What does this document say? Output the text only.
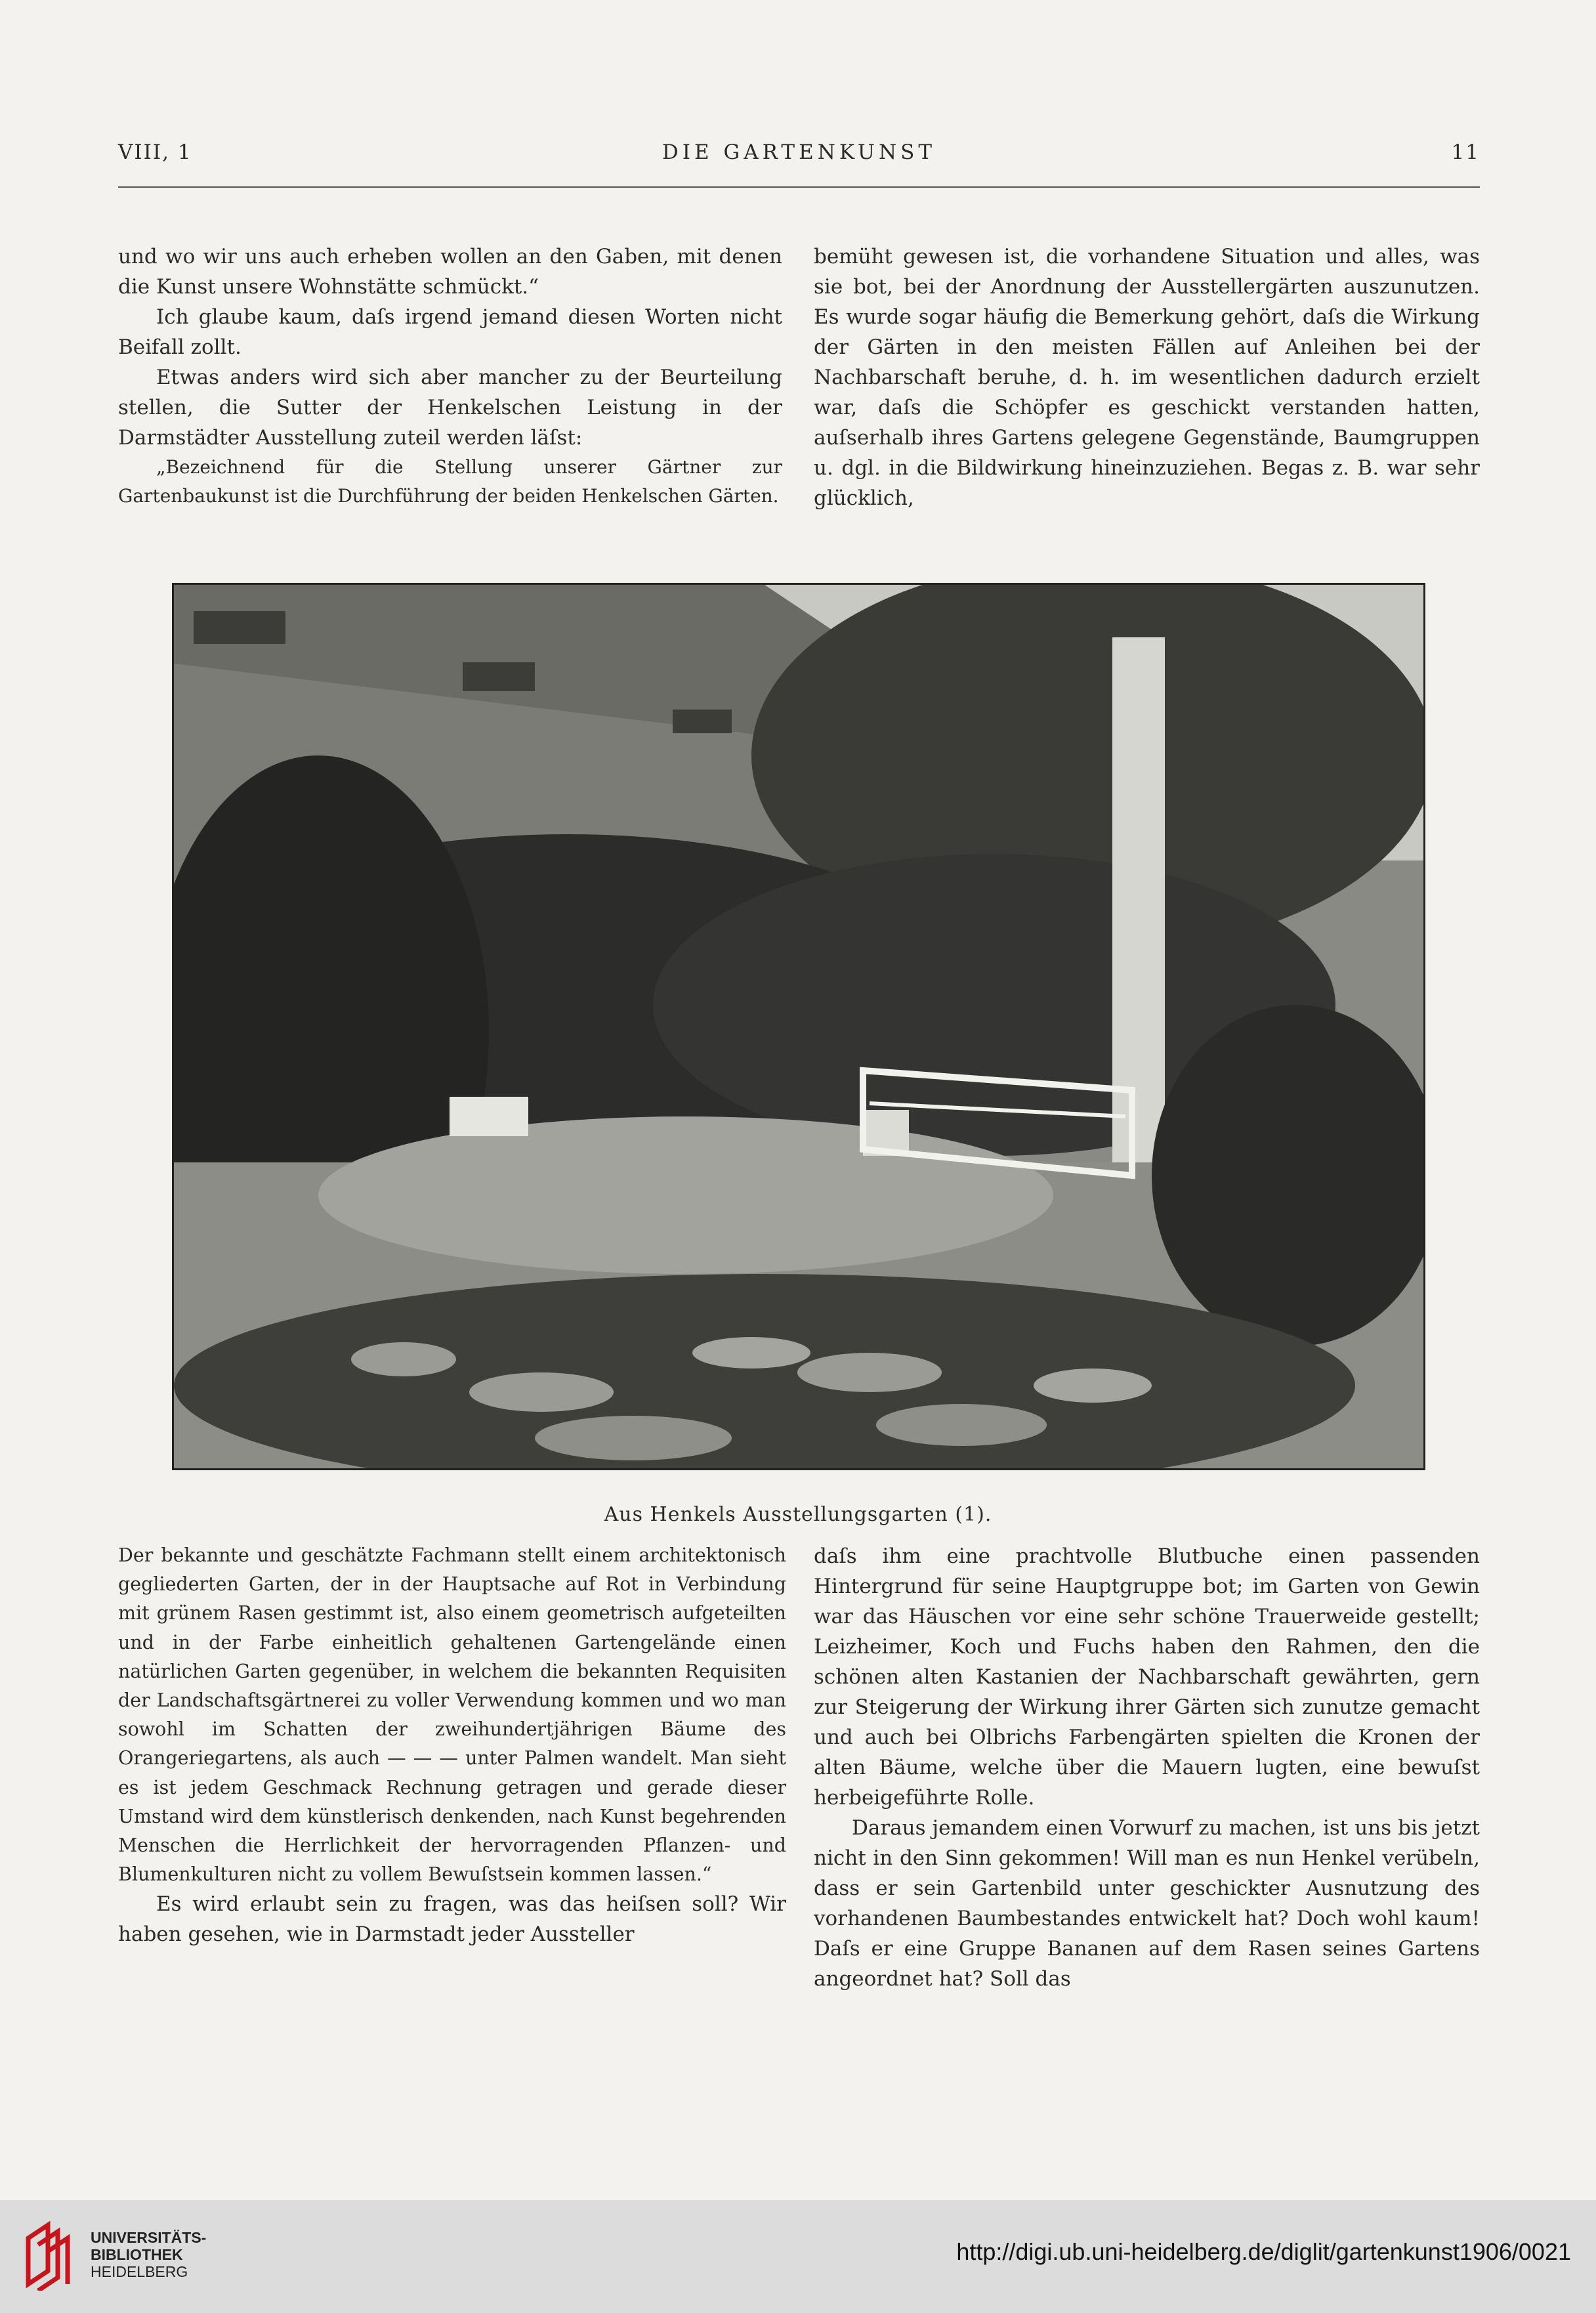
VIII, 1	DIE GARTENKUNST	11

und wo wir uns auch erheben wollen an den Gaben, mit denen die Kunst unsere Wohnstätte schmückt.“

Ich glaube kaum, daſs irgend jemand diesen Worten nicht Beifall zollt.

Etwas anders wird sich aber mancher zu der Beurteilung stellen, die Sutter der Henkelschen Leistung in der Darmstädter Ausstellung zuteil werden läſst:

„Bezeichnend für die Stellung unserer Gärtner zur Gartenbaukunst ist die Durchführung der beiden Henkelschen Gärten.

bemüht gewesen ist, die vorhandene Situation und alles, was sie bot, bei der Anordnung der Ausstellergärten auszunutzen. Es wurde sogar häufig die Bemerkung gehört, daſs die Wirkung der Gärten in den meisten Fällen auf Anleihen bei der Nachbarschaft beruhe, d. h. im wesentlichen dadurch erzielt war, daſs die Schöpfer es geschickt verstanden hatten, auſserhalb ihres Gartens gelegene Gegenstände, Baumgruppen u. dgl. in die Bildwirkung hineinzuziehen. Begas z. B. war sehr glücklich,

Aus Henkels Ausstellungsgarten (1).

Der bekannte und geschätzte Fachmann stellt einem architektonisch gegliederten Garten, der in der Hauptsache auf Rot in Verbindung mit grünem Rasen gestimmt ist, also einem geometrisch aufgeteilten und in der Farbe einheitlich gehaltenen Gartengelände einen natürlichen Garten gegenüber, in welchem die bekannten Requisiten der Landschaftsgärtnerei zu voller Verwendung kommen und wo man sowohl im Schatten der zweihundertjährigen Bäume des Orangeriegartens, als auch — — — unter Palmen wandelt. Man sieht es ist jedem Geschmack Rechnung getragen und gerade dieser Umstand wird dem künstlerisch denkenden, nach Kunst begehrenden Menschen die Herrlichkeit der hervorragenden Pflanzen- und Blumenkulturen nicht zu vollem Bewuſstsein kommen lassen.“

Es wird erlaubt sein zu fragen, was das heiſsen soll? Wir haben gesehen, wie in Darmstadt jeder Aussteller

daſs ihm eine prachtvolle Blutbuche einen passenden Hintergrund für seine Hauptgruppe bot; im Garten von Gewin war das Häuschen vor eine sehr schöne Trauerweide gestellt; Leizheimer, Koch und Fuchs haben den Rahmen, den die schönen alten Kastanien der Nachbarschaft gewährten, gern zur Steigerung der Wirkung ihrer Gärten sich zunutze gemacht und auch bei Olbrichs Farbengärten spielten die Kronen der alten Bäume, welche über die Mauern lugten, eine bewuſst herbeigeführte Rolle.

Daraus jemandem einen Vorwurf zu machen, ist uns bis jetzt nicht in den Sinn gekommen! Will man es nun Henkel verübeln, dass er sein Gartenbild unter geschickter Ausnutzung des vorhandenen Baumbestandes entwickelt hat? Doch wohl kaum! Daſs er eine Gruppe Bananen auf dem Rasen seines Gartens angeordnet hat? Soll das

UNIVERSITÄTS-
BIBLIOTHEK
HEIDELBERG
http://digi.ub.uni-heidelberg.de/diglit/gartenkunst1906/0021
